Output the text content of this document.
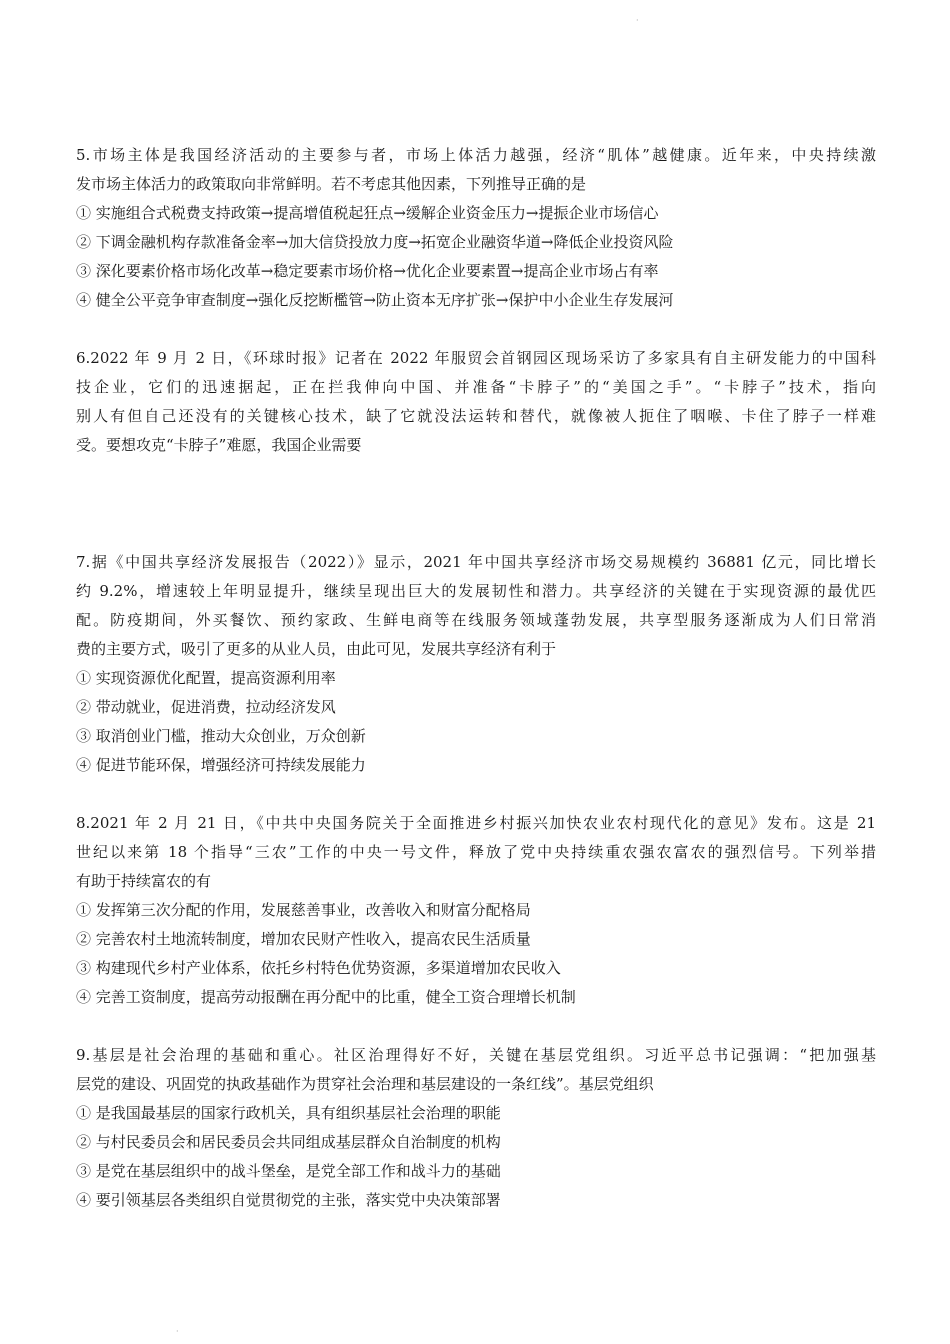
·
5.市场主体是我国经济活动的主要参与者，市场上体活力越强，经济“肌体”越健康。近年来，中央持续激
发市场主体活力的政策取向非常鲜明。若不考虑其他因素，下列推导正确的是
① 实施组合式税费支持政策→提高增值税起狂点→缓解企业资金压力→提振企业市场信心
② 下调金融机构存款准备金率→加大信贷投放力度→拓宽企业融资华道→降低企业投资风险
③ 深化要素价格市场化改革→稳定要素市场价格→优化企业要素置→提高企业市场占有率
④ 健全公平竞争审查制度→强化反挖断檻管→防止资本无序扩张→保护中小企业生存发展河
6.2022 年 9 月 2 日，《环球时报》记者在 2022 年服贸会首钢园区现场采访了多家具有自主研发能力的中国科
技企业，它们的迅速据起，正在拦我伸向中国、并准备“卡脖子”的“美国之手”。“卡脖子”技术，指向
别人有但自己还没有的关键核心技术，缺了它就没法运转和替代，就像被人扼住了咽喉、卡住了脖子一样难
受。要想攻克“卡脖子”难愿，我国企业需要
7.据《中国共享经济发展报告（2022）》显示，2021 年中国共享经济市场交易规模约 36881 亿元，同比增长
约 9.2%，增速较上年明显提升，继续呈现出巨大的发展韧性和潜力。共享经济的关键在于实现资源的最优匹
配。防疫期间，外买餐饮、预约家政、生鲜电商等在线服务领域蓬勃发展，共享型服务逐渐成为人们日常消
费的主要方式，吸引了更多的从业人员，由此可见，发展共享经济有利于
① 实现资源优化配置，提高资源利用率
② 带动就业，促进消费，拉动经济发风
③ 取消创业门槛，推动大众创业，万众创新
④ 促进节能环保，增强经济可持续发展能力
8.2021 年 2 月 21 日，《中共中央国务院关于全面推进乡村振兴加快农业农村现代化的意见》发布。这是 21
世纪以来第 18 个指导“三农”工作的中央一号文件，释放了党中央持续重农强农富农的强烈信号。下列举措
有助于持续富农的有
① 发挥第三次分配的作用，发展慈善事业，改善收入和财富分配格局
② 完善农村土地流转制度，增加农民财产性收入，提高农民生活质量
③ 构建现代乡村产业体系，依托乡村特色优势资源，多渠道增加农民收入
④ 完善工资制度，提高劳动报酬在再分配中的比重，健全工资合理增长机制
9.基层是社会治理的基础和重心。社区治理得好不好，关键在基层党组织。习近平总书记强调：“把加强基
层党的建设、巩固党的执政基础作为贯穿社会治理和基层建设的一条红线”。基层党组织
① 是我国最基层的国家行政机关，具有组织基层社会治理的职能
② 与村民委员会和居民委员会共同组成基层群众自治制度的机构
③ 是党在基层组织中的战斗堡垒，是党全部工作和战斗力的基础
④ 要引领基层各类组织自觉贯彻党的主张，落实党中央决策部署
·
